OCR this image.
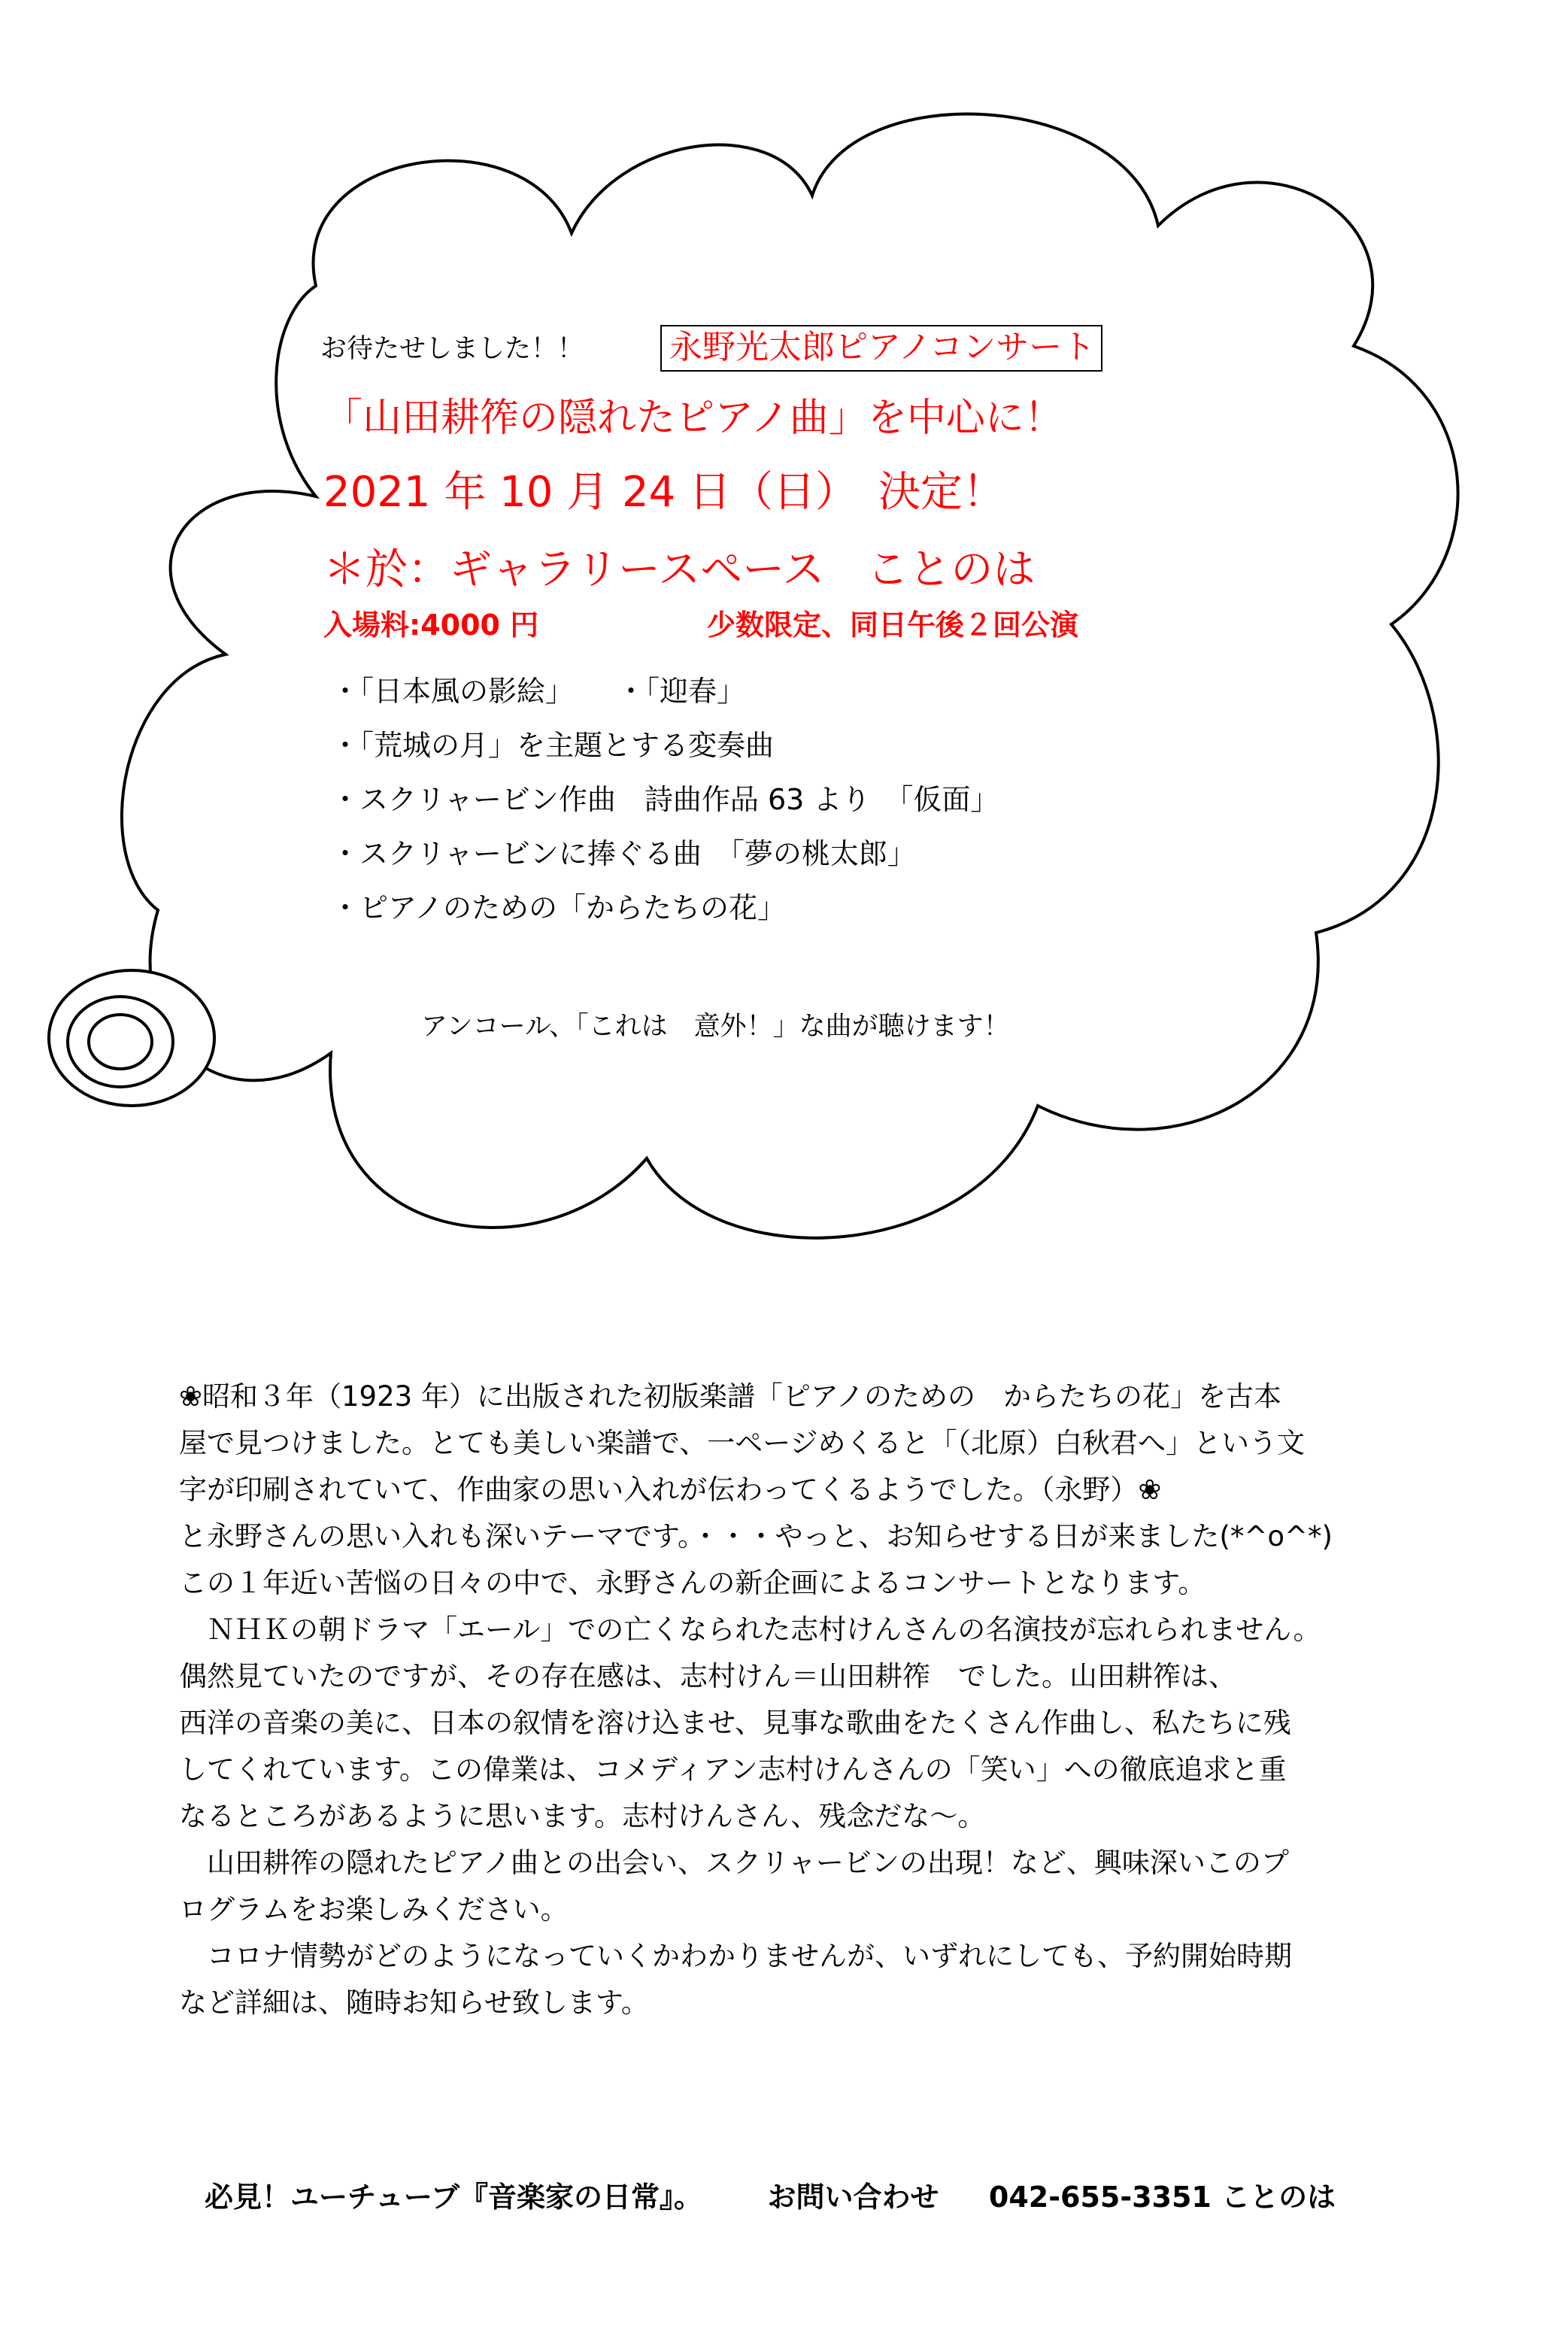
お待たせしました！！	永野光太郎ピアノコンサート
「山田耕筰の隠れたピアノ曲」を中心に！
2021 年 10 月 24 日（日）　決定！
＊於：ギャラリースペース　ことのは
入場料:4000 円	少数限定、同日午後２回公演
・「日本風の影絵」　　・「迎春」
・「荒城の月」を主題とする変奏曲
・スクリャービン作曲　詩曲作品 63 より　「仮面」
・スクリャービンに捧ぐる曲　「夢の桃太郎」
・ピアノのための「からたちの花」
アンコール、「これは　意外！」な曲が聴けます！
❀昭和３年（1923 年）に出版された初版楽譜「ピアノのための　からたちの花」を古本
屋で見つけました。とても美しい楽譜で、一ページめくると「（北原）白秋君へ」という文
字が印刷されていて、作曲家の思い入れが伝わってくるようでした。（永野）❀
と永野さんの思い入れも深いテーマです。・・・やっと、お知らせする日が来ました(*^o^*)
この１年近い苦悩の日々の中で、永野さんの新企画によるコンサートとなります。
　ＮＨＫの朝ドラマ「エール」での亡くなられた志村けんさんの名演技が忘れられません。
偶然見ていたのですが、その存在感は、志村けん＝山田耕筰　でした。山田耕筰は、
西洋の音楽の美に、日本の叙情を溶け込ませ、見事な歌曲をたくさん作曲し、私たちに残
してくれています。この偉業は、コメディアン志村けんさんの「笑い」への徹底追求と重
なるところがあるように思います。志村けんさん、残念だな～。
　山田耕筰の隠れたピアノ曲との出会い、スクリャービンの出現！など、興味深いこのプ
ログラムをお楽しみください。
　コロナ情勢がどのようになっていくかわかりませんが、いずれにしても、予約開始時期
など詳細は、随時お知らせ致します。
必見！ユーチューブ『音楽家の日常』。 お問い合わせ 042-655-3351 ことのは
